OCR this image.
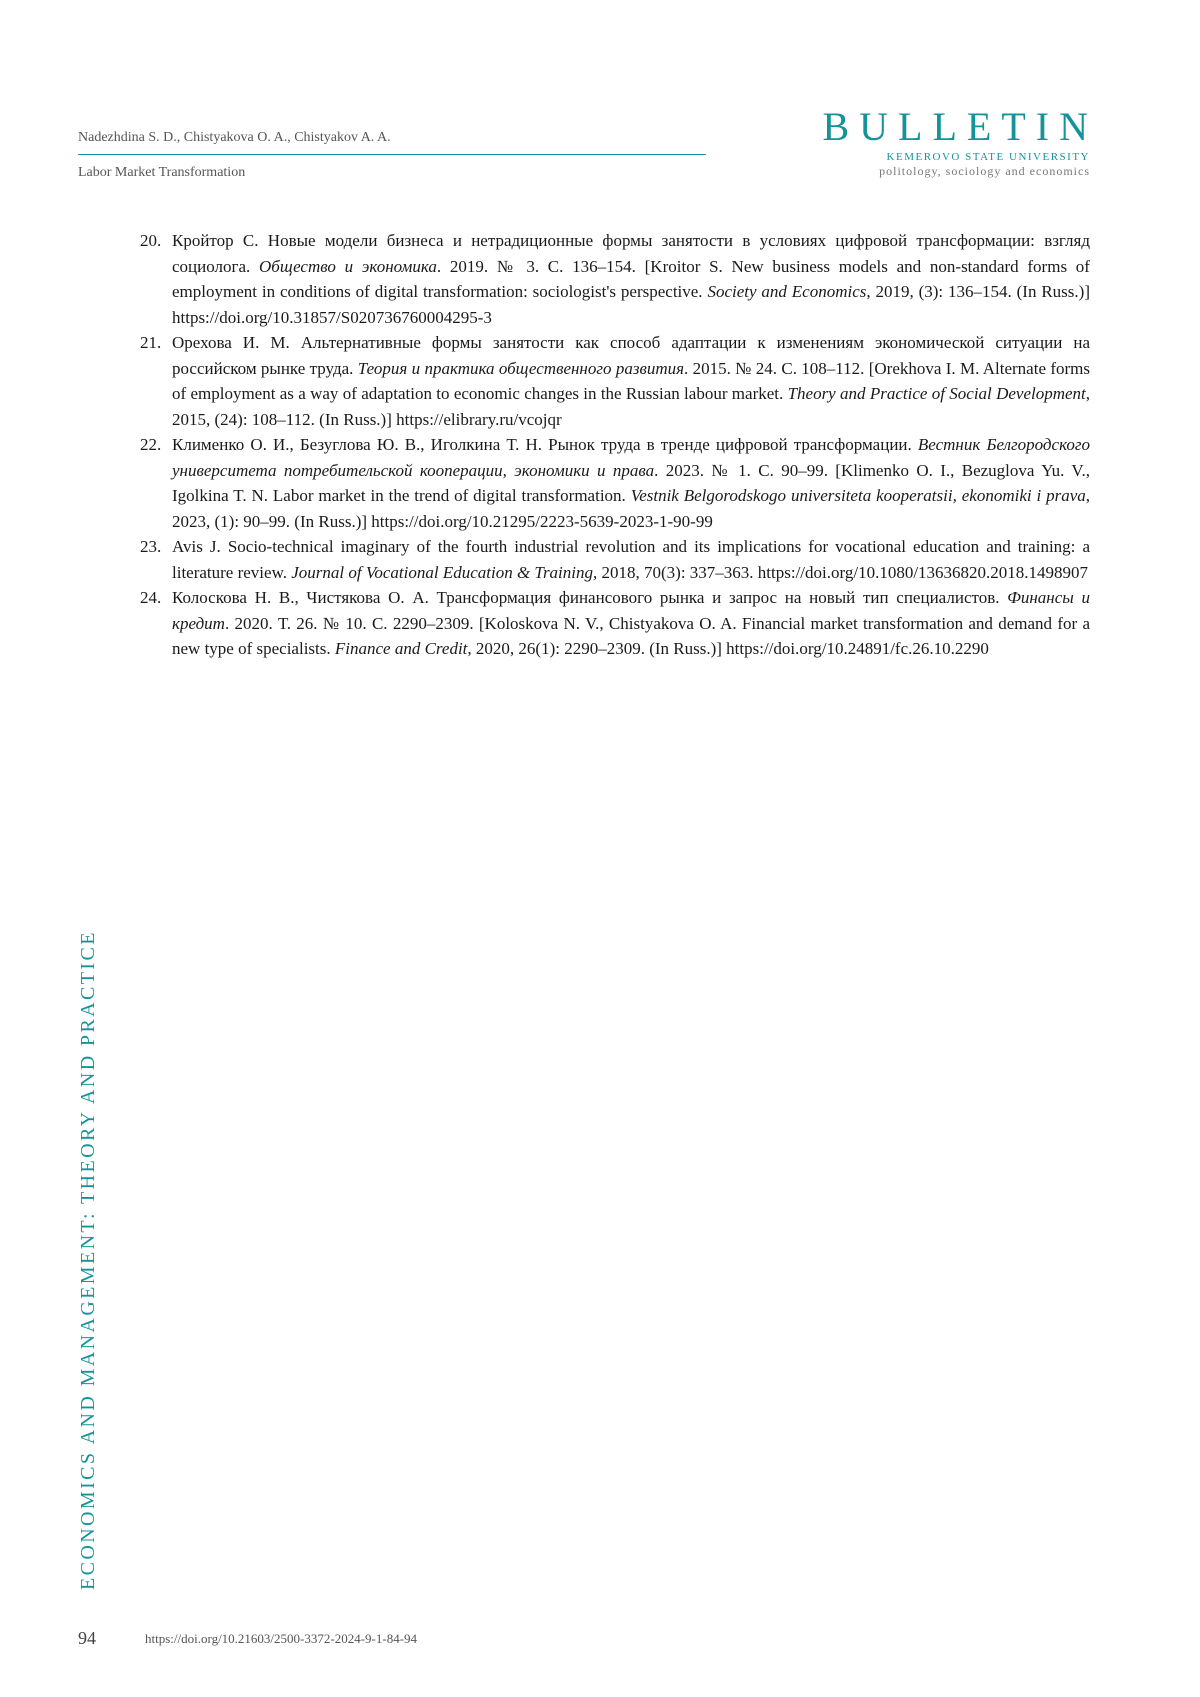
Nadezhdina S. D., Chistyakova O. A., Chistyakov A. A.
Labor Market Transformation
BULLETIN
KEMEROVO STATE UNIVERSITY
politology, sociology and economics
20. Кройтор С. Новые модели бизнеса и нетрадиционные формы занятости в условиях цифровой трансформации: взгляд социолога. Общество и экономика. 2019. № 3. С. 136–154. [Kroitor S. New business models and non-standard forms of employment in conditions of digital transformation: sociologist's perspective. Society and Economics, 2019, (3): 136–154. (In Russ.)] https://doi.org/10.31857/S020736760004295-3
21. Орехова И. М. Альтернативные формы занятости как способ адаптации к изменениям экономической ситуации на российском рынке труда. Теория и практика общественного развития. 2015. № 24. С. 108–112. [Orekhova I. M. Alternate forms of employment as a way of adaptation to economic changes in the Russian labour market. Theory and Practice of Social Development, 2015, (24): 108–112. (In Russ.)] https://elibrary.ru/vcojqr
22. Клименко О. И., Безуглова Ю. В., Иголкина Т. Н. Рынок труда в тренде цифровой трансформации. Вестник Белгородского университета потребительской кооперации, экономики и права. 2023. № 1. С. 90–99. [Klimenko O. I., Bezuglova Yu. V., Igolkina T. N. Labor market in the trend of digital transformation. Vestnik Belgorodskogo universiteta kooperatsii, ekonomiki i prava, 2023, (1): 90–99. (In Russ.)] https://doi.org/10.21295/2223-5639-2023-1-90-99
23. Avis J. Socio-technical imaginary of the fourth industrial revolution and its implications for vocational education and training: a literature review. Journal of Vocational Education & Training, 2018, 70(3): 337–363. https://doi.org/10.1080/13636820.2018.1498907
24. Колоскова Н. В., Чистякова О. А. Трансформация финансового рынка и запрос на новый тип специалистов. Финансы и кредит. 2020. Т. 26. № 10. С. 2290–2309. [Koloskova N. V., Chistyakova O. A. Financial market transformation and demand for a new type of specialists. Finance and Credit, 2020, 26(1): 2290–2309. (In Russ.)] https://doi.org/10.24891/fc.26.10.2290
ECONOMICS AND MANAGEMENT: THEORY AND PRACTICE
94	https://doi.org/10.21603/2500-3372-2024-9-1-84-94
